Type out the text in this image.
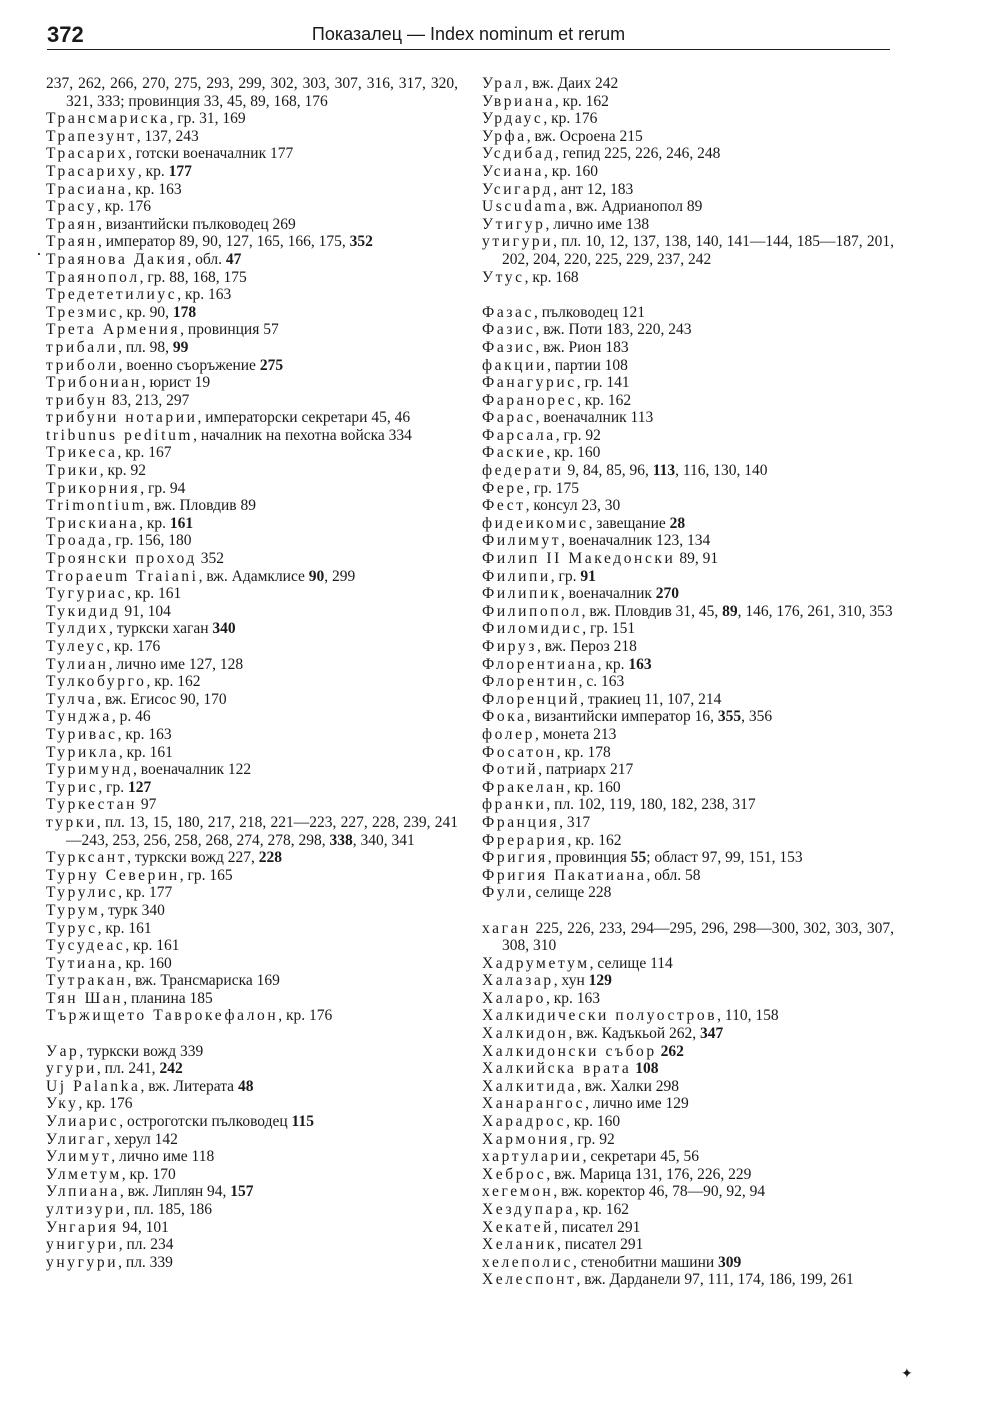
372	Показалец — Index nominum et rerum
·

237, 262, 266, 270, 275, 293, 299, 302, 303, 307, 316, 317, 320, 321, 333; провинция 33, 45, 89, 168, 176

Трансмариска, гр. 31, 169

Трапезунт, 137, 243

Трасарих, готски военачалник 177

Трасариху, кр. 177

Трасиана, кр. 163

Трасу, кр. 176

Траян, византийски пълководец 269

Траян, император 89, 90, 127, 165, 166, 175, 352

Траянова Дакия, обл. 47

Траянопол, гр. 88, 168, 175

Тредететилиус, кр. 163

Трезмис, кр. 90, 178

Трета Армения, провинция 57

трибали, пл. 98, 99

триболи, военно съоръжение 275

Трибониан, юрист 19

трибун 83, 213, 297

трибуни нотарии, императорски секретари 45, 46

tribunus peditum, началник на пехотна войска 334

Трикеса, кр. 167

Трики, кр. 92

Трикорния, гр. 94

Trimontium, вж. Пловдив 89

Трискиана, кр. 161

Троада, гр. 156, 180

Троянски проход 352

Tropaeum Traiani, вж. Адамклисе 90, 299

Тугуриас, кр. 161

Тукидид 91, 104

Тулдих, туркски хаган 340

Тулеус, кр. 176

Тулиан, лично име 127, 128

Тулкобурго, кр. 162

Тулча, вж. Егисос 90, 170

Тунджа, р. 46

Туривас, кр. 163

Турикла, кр. 161

Туримунд, военачалник 122

Турис, гр. 127

Туркестан 97

турки, пл. 13, 15, 180, 217, 218, 221—223, 227, 228, 239, 241—243, 253, 256, 258, 268, 274, 278, 298, 338, 340, 341

Турксант, туркски вожд 227, 228

Турну Северин, гр. 165

Турулис, кр. 177

Турум, турк 340

Турус, кр. 161

Тусудеас, кр. 161

Тутиана, кр. 160

Тутракан, вж. Трансмариска 169

Тян Шан, планина 185

Тържището Таврокефалон, кр. 176

Уар, туркски вожд 339

угури, пл. 241, 242

Uj Palanka, вж. Литерата 48

Уку, кр. 176

Улиарис, остроготски пълководец 115

Улигаг, херул 142

Улимут, лично име 118

Улметум, кр. 170

Улпиана, вж. Липлян 94, 157

ултизури, пл. 185, 186

Унгария 94, 101

унигури, пл. 234

унугури, пл. 339

Урал, вж. Даих 242

Увриана, кр. 162

Урдаус, кр. 176

Урфа, вж. Осроена 215

Усдибад, гепид 225, 226, 246, 248

Усиана, кр. 160

Усигард, ант 12, 183

Uscudama, вж. Адрианопол 89

Утигур, лично име 138

утигури, пл. 10, 12, 137, 138, 140, 141—144, 185—187, 201, 202, 204, 220, 225, 229, 237, 242

Утус, кр. 168

Фазас, пълководец 121

Фазис, вж. Поти 183, 220, 243

Фазис, вж. Рион 183

факции, партии 108

Фанагурис, гр. 141

Фаранорес, кр. 162

Фарас, военачалник 113

Фарсала, гр. 92

Фаские, кр. 160

федерати 9, 84, 85, 96, 113, 116, 130, 140

Фере, гр. 175

Фест, консул 23, 30

фидеикомис, завещание 28

Филимут, военачалник 123, 134

Филип II Македонски 89, 91

Филипи, гр. 91

Филипик, военачалник 270

Филипопол, вж. Пловдив 31, 45, 89, 146, 176, 261, 310, 353

Филомидис, гр. 151

Фируз, вж. Пероз 218

Флорентиана, кр. 163

Флорентин, с. 163

Флоренций, тракиец 11, 107, 214

Фока, византийски император 16, 355, 356

фолер, монета 213

Фосатон, кр. 178

Фотий, патриарх 217

Фракелан, кр. 160

франки, пл. 102, 119, 180, 182, 238, 317

Франция, 317

Фрерария, кр. 162

Фригия, провинция 55; област 97, 99, 151, 153

Фригия Пакатиана, обл. 58

Фули, селище 228

хаган 225, 226, 233, 294—295, 296, 298—300, 302, 303, 307, 308, 310

Хадруметум, селище 114

Халазар, хун 129

Халаро, кр. 163

Халкидически полуостров, 110, 158

Халкидон, вж. Кадъкьой 262, 347

Халкидонски събор 262

Халкийска врата 108

Халкитида, вж. Халки 298

Ханарангос, лично име 129

Харадрос, кр. 160

Хармония, гр. 92

хартуларии, секретари 45, 56

Хеброс, вж. Марица 131, 176, 226, 229

хегемон, вж. коректор 46, 78—90, 92, 94

Хездупара, кр. 162

Хекатей, писател 291

Хеланик, писател 291

хелеполис, стенобитни машини 309

Хелеспонт, вж. Дарданели 97, 111, 174, 186, 199, 261

✦
